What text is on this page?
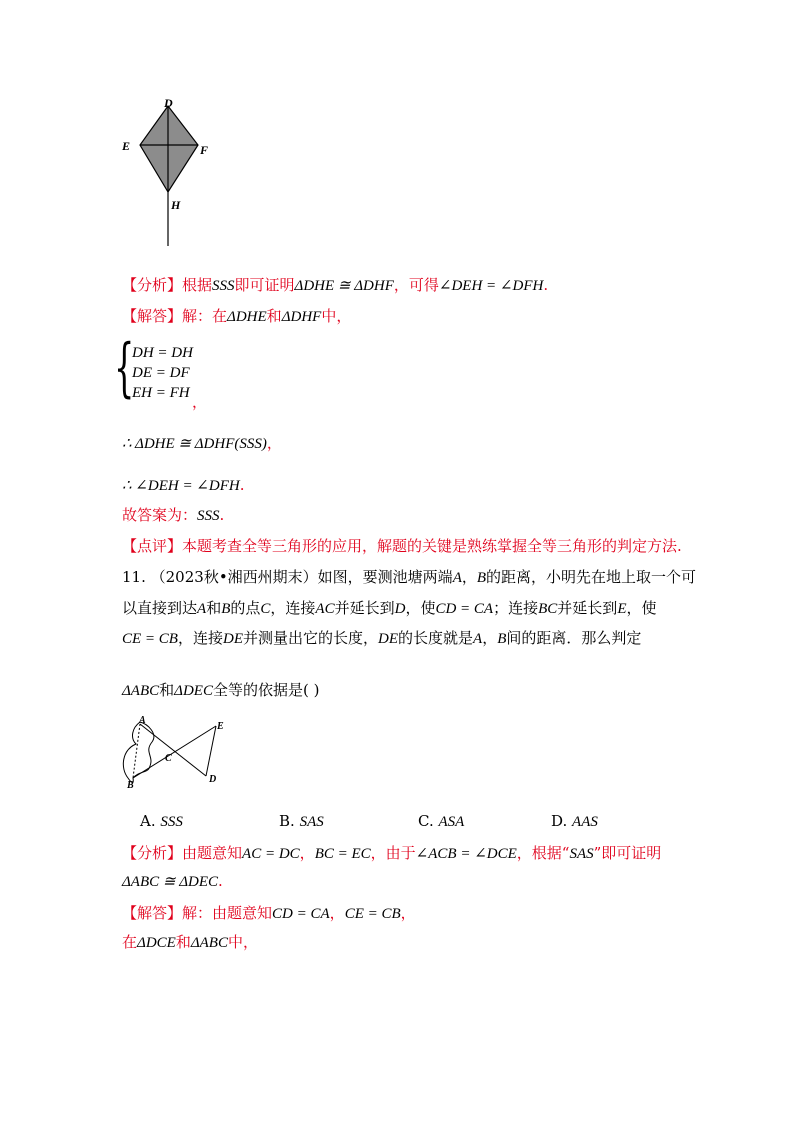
D
E	F
H
【分析】根据SSS即可证明ΔDHE ≅ ΔDHF，可得∠DEH = ∠DFH.
【解答】解：在ΔDHE和ΔDHF中，
{
DH = DH
DE = DF
EH = FH ，
∴ ΔDHE ≅ ΔDHF(SSS)，
∴ ∠DEH = ∠DFH.
故答案为：SSS.
【点评】本题考查全等三角形的应用，解题的关键是熟练掌握全等三角形的判定方法.
11. （2023秋•湘西州期末）如图，要测池塘两端A，B的距离，小明先在地上取一个可
以直接到达A和B的点C，连接AC并延长到D，使CD = CA；连接BC并延长到E，使
CE = CB，连接DE并测量出它的长度，DE的长度就是A，B间的距离．那么判定
ΔABC和ΔDEC全等的依据是( )
A
B
C
D
E
A. SSS	B. SAS	C. ASA	D. AAS
【分析】由题意知AC = DC，BC = EC，由于∠ACB = ∠DCE，根据“SAS”即可证明
ΔABC ≅ ΔDEC.
【解答】解：由题意知CD = CA，CE = CB，
在ΔDCE和ΔABC中，
